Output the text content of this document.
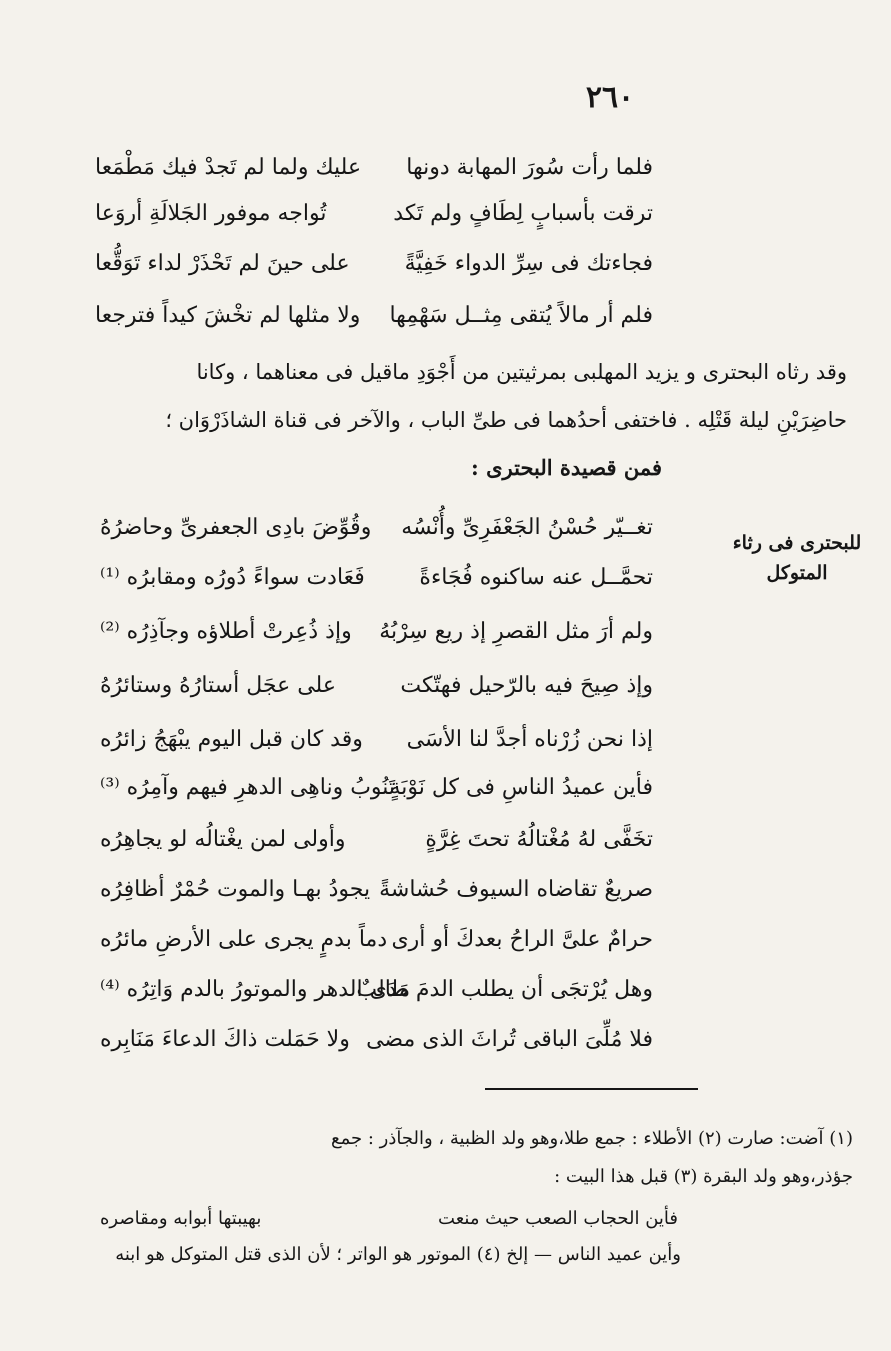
٢٦٠
فلما رأت سُورَ المهابة دونها
عليك ولما لم تَجدْ فيك مَطْمَعا
ترقت بأسبابٍ لِطَافٍ ولم تَكد
تُواجه موفور الجَلالَةِ أروَعا
فجاءتك فى سِرِّ الدواء خَفِيَّةً
على حينَ لم تَحْذَرْ لداء تَوَقُّعا
فلم أر مالاً يُتقى مِثــل سَهْمِها
ولا مثلها لم تخْشَ كيداً فترجعا
وقد رثاه البحترى و يزيد المهلبى بمرثيتين من أَجْوَدِ ماقيل فى معناهما ، وكانا
حاضِرَيْنِ ليلة قَتْلِه . فاختفى أحدُهما فى طىِّ الباب ، والآخر فى قناة الشاذَرْوَان ؛
فمن قصيدة البحترى :
للبحترى فى رثاء
المتوكل
تغــيّر حُسْنُ الجَعْفَرِىِّ وأُنْسُه
وقُوِّضَ بادِى الجعفرىِّ وحاضرُهُ
تحمَّــل عنه ساكنوه فُجَاءةً
فَعَادت سواءً دُورُه ومقابرُه ⁽¹⁾
ولم أرَ مثل القصرِ إذ ريع سِرْبُهُ
وإذ ذُعِرتْ أطلاؤه وجآذِرُه ⁽²⁾
وإذ صِيحَ فيه بالرّحيل فهتّكت
على عجَل أستارُهُ وستائرُهُ
إذا نحن زُرْناه أجدَّ لنا الأسَى
وقد كان قبل اليوم يبْهَجُ زائرُه
فأين عميدُ الناسِ فى كل نَوْبَةٍ
تَنُوبُ وناهِى الدهرِ فيهم وآمِرُه ⁽³⁾
تخَفَّى لهُ مُغْتالُهُ تحتَ غِرَّةٍ
وأولى لمن يغْتالُه لو يجاهِرُه
صريعٌ تقاضاه السيوف حُشاشةً
يجودُ بهـا والموت حُمْرٌ أظافِرُه
حرامٌ علىَّ الراحُ بعدكَ أو أرى
دماً بدمٍ يجرى على الأرضِ مائرُه
وهل يُرْتجَى أن يطلب الدمَ طالبٌ
مَدَى الدهر والموتورُ بالدم وَاتِرُه ⁽⁴⁾
فلا مُلِّىَ الباقى تُراثَ الذى مضى
ولا حَمَلت ذاكَ الدعاءَ مَنَابِره
(١) آضت: صارت (٢) الأطلاء : جمع طلا،وهو ولد الظبية ، والجآذر : جمع
جؤذر،وهو ولد البقرة (٣) قبل هذا البيت :
فأين الحجاب الصعب حيث منعت
بهيبتها أبوابه ومقاصره
وأين عميد الناس — إلخ (٤) الموتور هو الواتر ؛ لأن الذى قتل المتوكل هو ابنه
